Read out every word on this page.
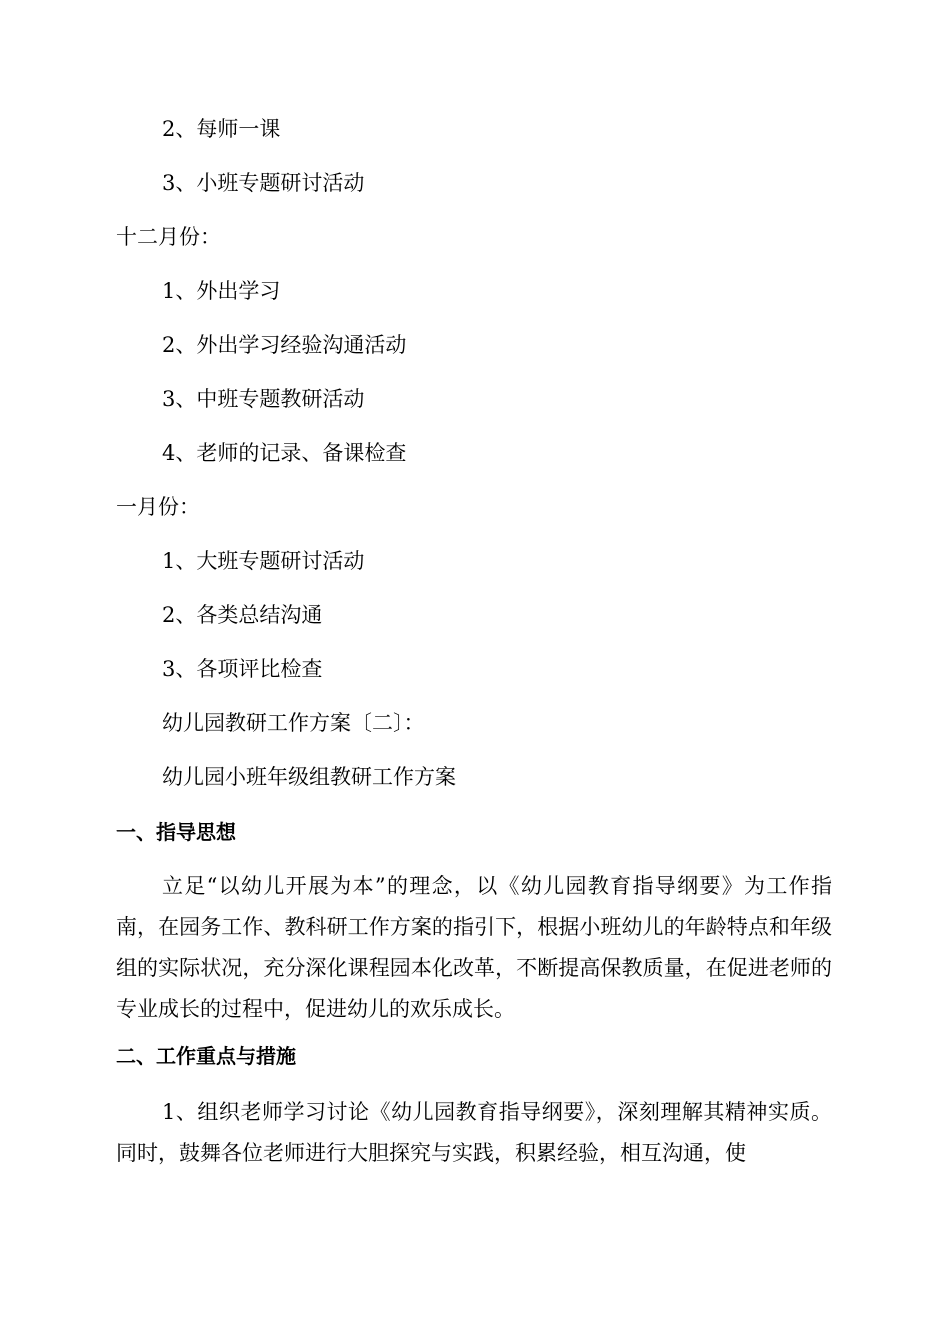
2、每师一课
3、小班专题研讨活动
十二月份：
1、外出学习
2、外出学习经验沟通活动
3、中班专题教研活动
4、老师的记录、备课检查
一月份：
1、大班专题研讨活动
2、各类总结沟通
3、各项评比检查
幼儿园教研工作方案〔二〕：
幼儿园小班年级组教研工作方案
一、指导思想
立足“以幼儿开展为本”的理念，以《幼儿园教育指导纲要》为工作指南，在园务工作、教科研工作方案的指引下，根据小班幼儿的年龄特点和年级组的实际状况，充分深化课程园本化改革，不断提高保教质量，在促进老师的专业成长的过程中，促进幼儿的欢乐成长。
二、工作重点与措施
1、组织老师学习讨论《幼儿园教育指导纲要》，深刻理解其精神实质。同时，鼓舞各位老师进行大胆探究与实践，积累经验，相互沟通，使
